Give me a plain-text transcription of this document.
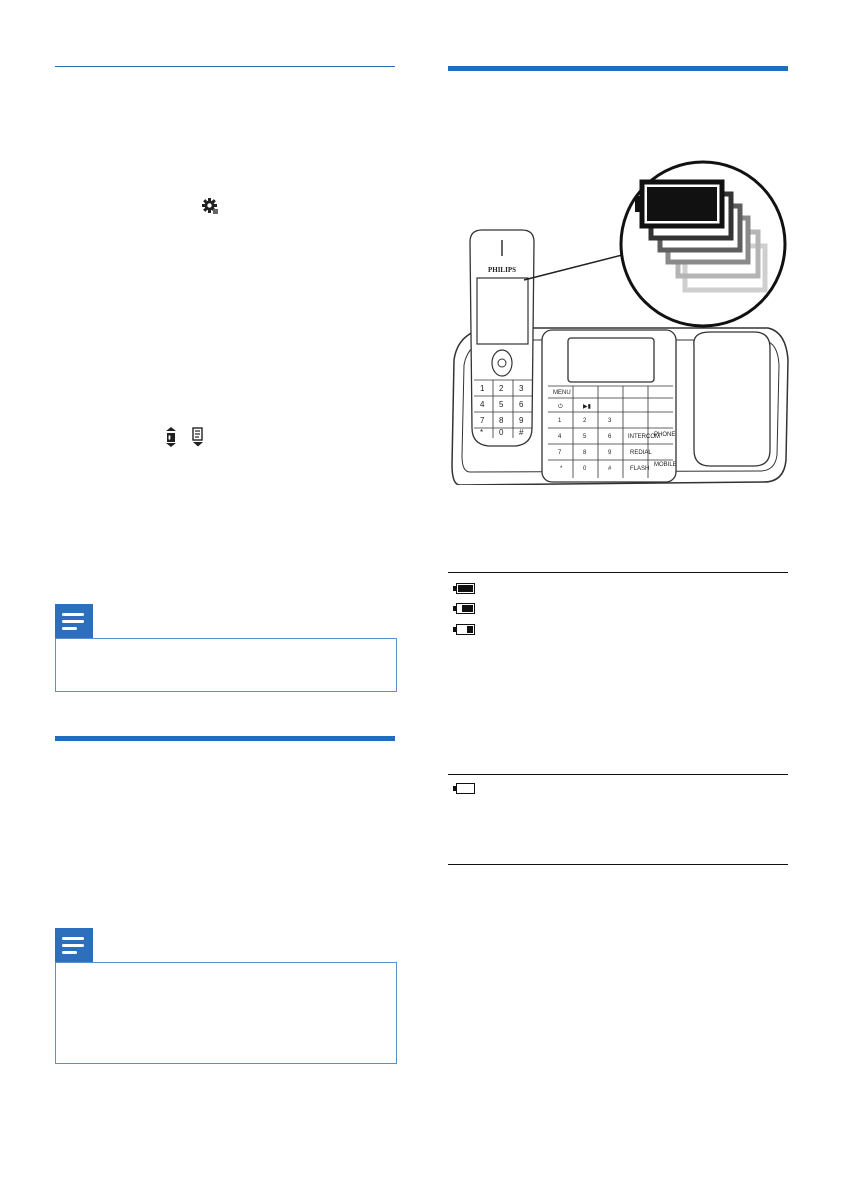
MENU
⏻	▶▮
1	2	3
4	5	6
7	8	9
*	0	#
INTERCOM
REDIAL
PHONE
MOBILE
FLASH
PHILIPS
1 2 3
4 5 6
7 8 9
* 0 #
